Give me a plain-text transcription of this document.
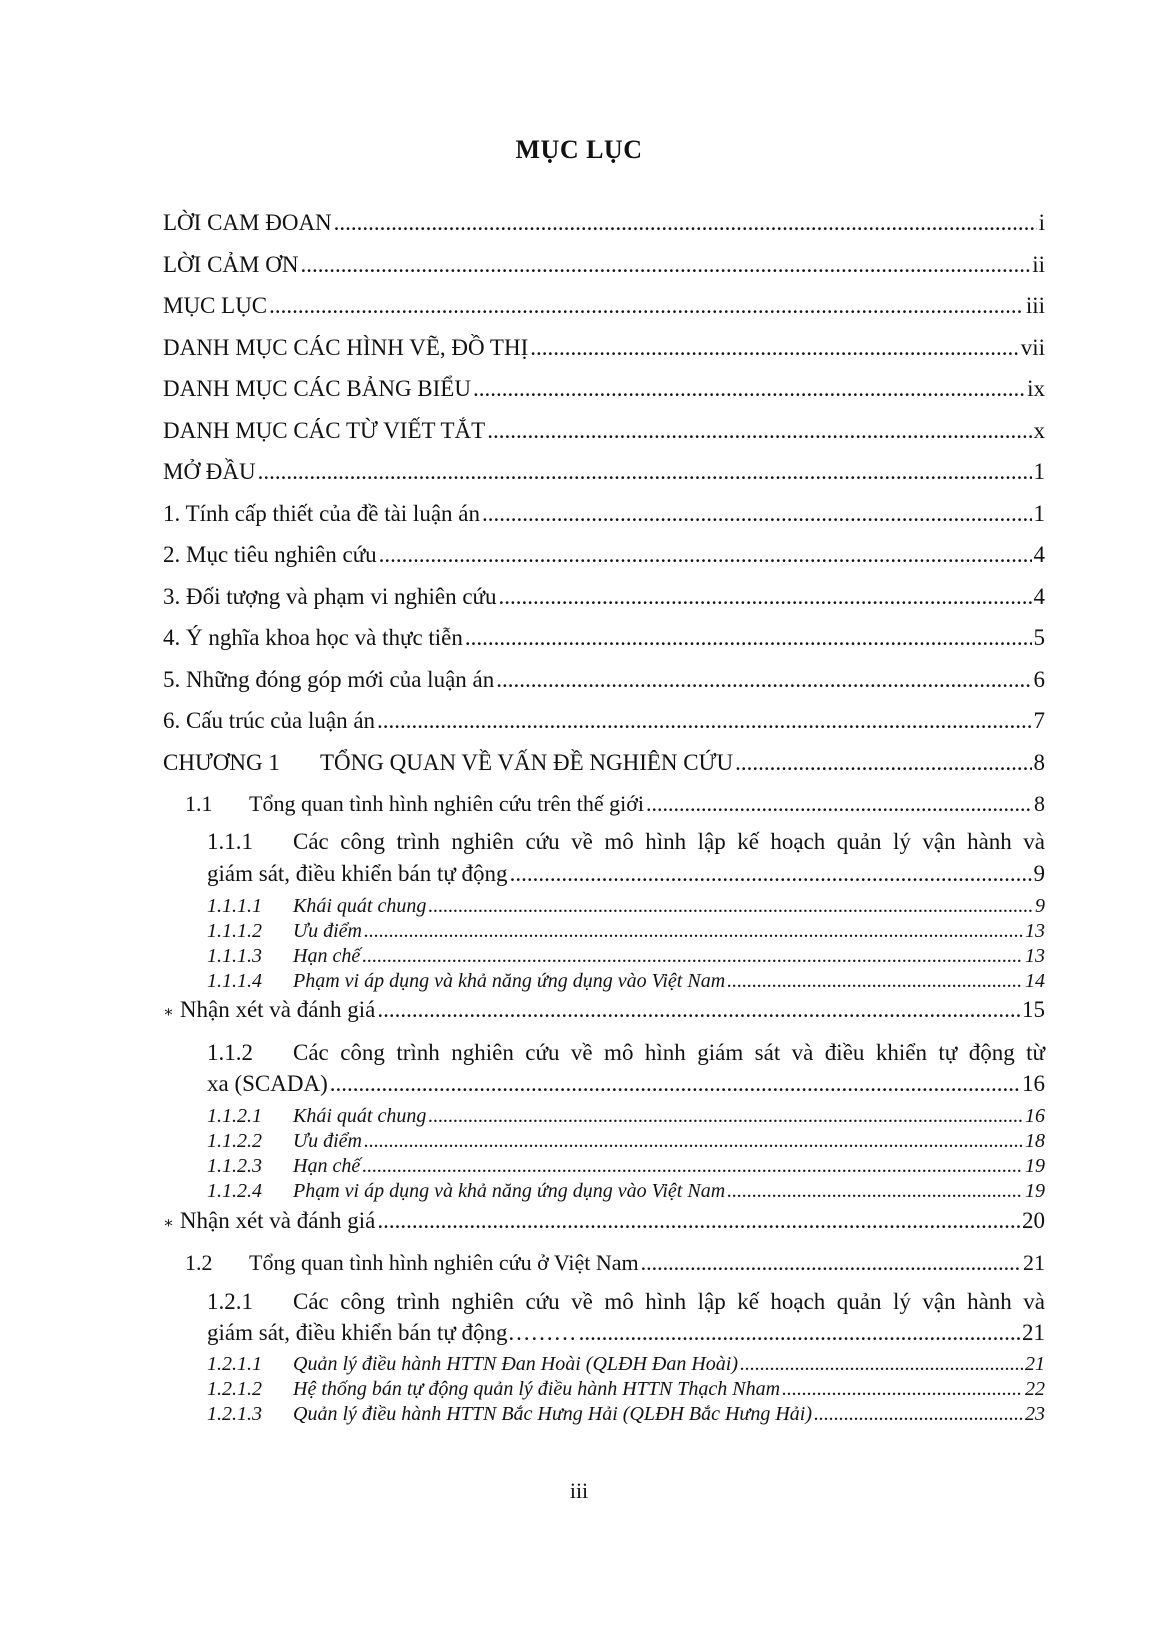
MỤC LỤC
LỜI CAM ĐOAN .....	i
LỜI CẢM ƠN .....	ii
MỤC LỤC .....	iii
DANH MỤC CÁC HÌNH VẼ, ĐỒ THỊ .....	vii
DANH MỤC CÁC BẢNG BIỂU .....	ix
DANH MỤC CÁC TỪ VIẾT TẮT .....	x
MỞ ĐẦU .....	1
1. Tính cấp thiết của đề tài luận án .....	1
2. Mục tiêu nghiên cứu .....	4
3. Đối tượng và phạm vi nghiên cứu .....	4
4. Ý nghĩa khoa học và thực tiễn .....	5
5. Những đóng góp mới của luận án .....	6
6. Cấu trúc của luận án .....	7
CHƯƠNG 1 TỔNG QUAN VỀ VẤN ĐỀ NGHIÊN CỨU .....	8
1.1 Tổng quan tình hình nghiên cứu trên thế giới .....	8
1.1.1 Các công trình nghiên cứu về mô hình lập kế hoạch quản lý vận hành và
giám sát, điều khiển bán tự động .....	9
1.1.1.1 Khái quát chung .....	9
1.1.1.2 Ưu điểm .....	13
1.1.1.3 Hạn chế .....	13
1.1.1.4 Phạm vi áp dụng và khả năng ứng dụng vào Việt Nam .....	14
∗ Nhận xét và đánh giá .....	15
1.1.2 Các công trình nghiên cứu về mô hình giám sát và điều khiển tự động từ
xa (SCADA) .....	16
1.1.2.1 Khái quát chung .....	16
1.1.2.2 Ưu điểm .....	18
1.1.2.3 Hạn chế .....	19
1.1.2.4 Phạm vi áp dụng và khả năng ứng dụng vào Việt Nam .....	19
∗ Nhận xét và đánh giá .....	20
1.2 Tổng quan tình hình nghiên cứu ở Việt Nam .....	21
1.2.1 Các công trình nghiên cứu về mô hình lập kế hoạch quản lý vận hành và
giám sát, điều khiển bán tự động……… .....	21
1.2.1.1 Quản lý điều hành HTTN Đan Hoài (QLĐH Đan Hoài) .....	21
1.2.1.2 Hệ thống bán tự động quản lý điều hành HTTN Thạch Nham .....	22
1.2.1.3 Quản lý điều hành HTTN Bắc Hưng Hải (QLĐH Bắc Hưng Hải) .....	23
iii
